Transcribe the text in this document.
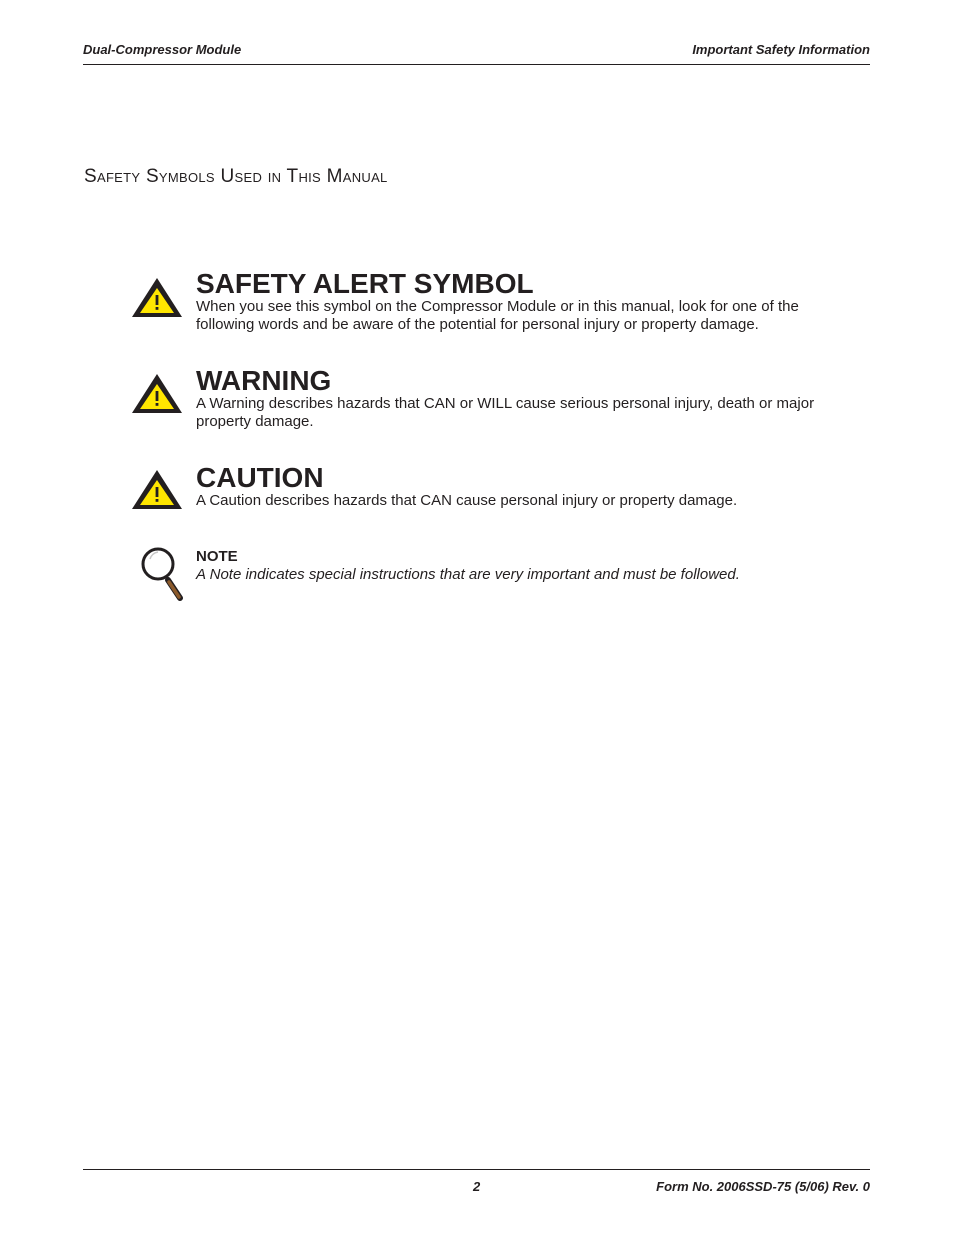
Dual-Compressor Module	Important Safety Information
Safety Symbols Used in This Manual

SAFETY ALERT SYMBOL

When you see this symbol on the Compressor Module or in this manual, look for one of the following words and be aware of the potential for personal injury or property damage.

WARNING

A Warning describes hazards that CAN or WILL cause serious personal injury, death or major property damage.

CAUTION

A Caution describes hazards that CAN cause personal injury or property damage.

NOTE

A Note indicates special instructions that are very important and must be followed.

2	Form No. 2006SSD-75 (5/06) Rev. 0
